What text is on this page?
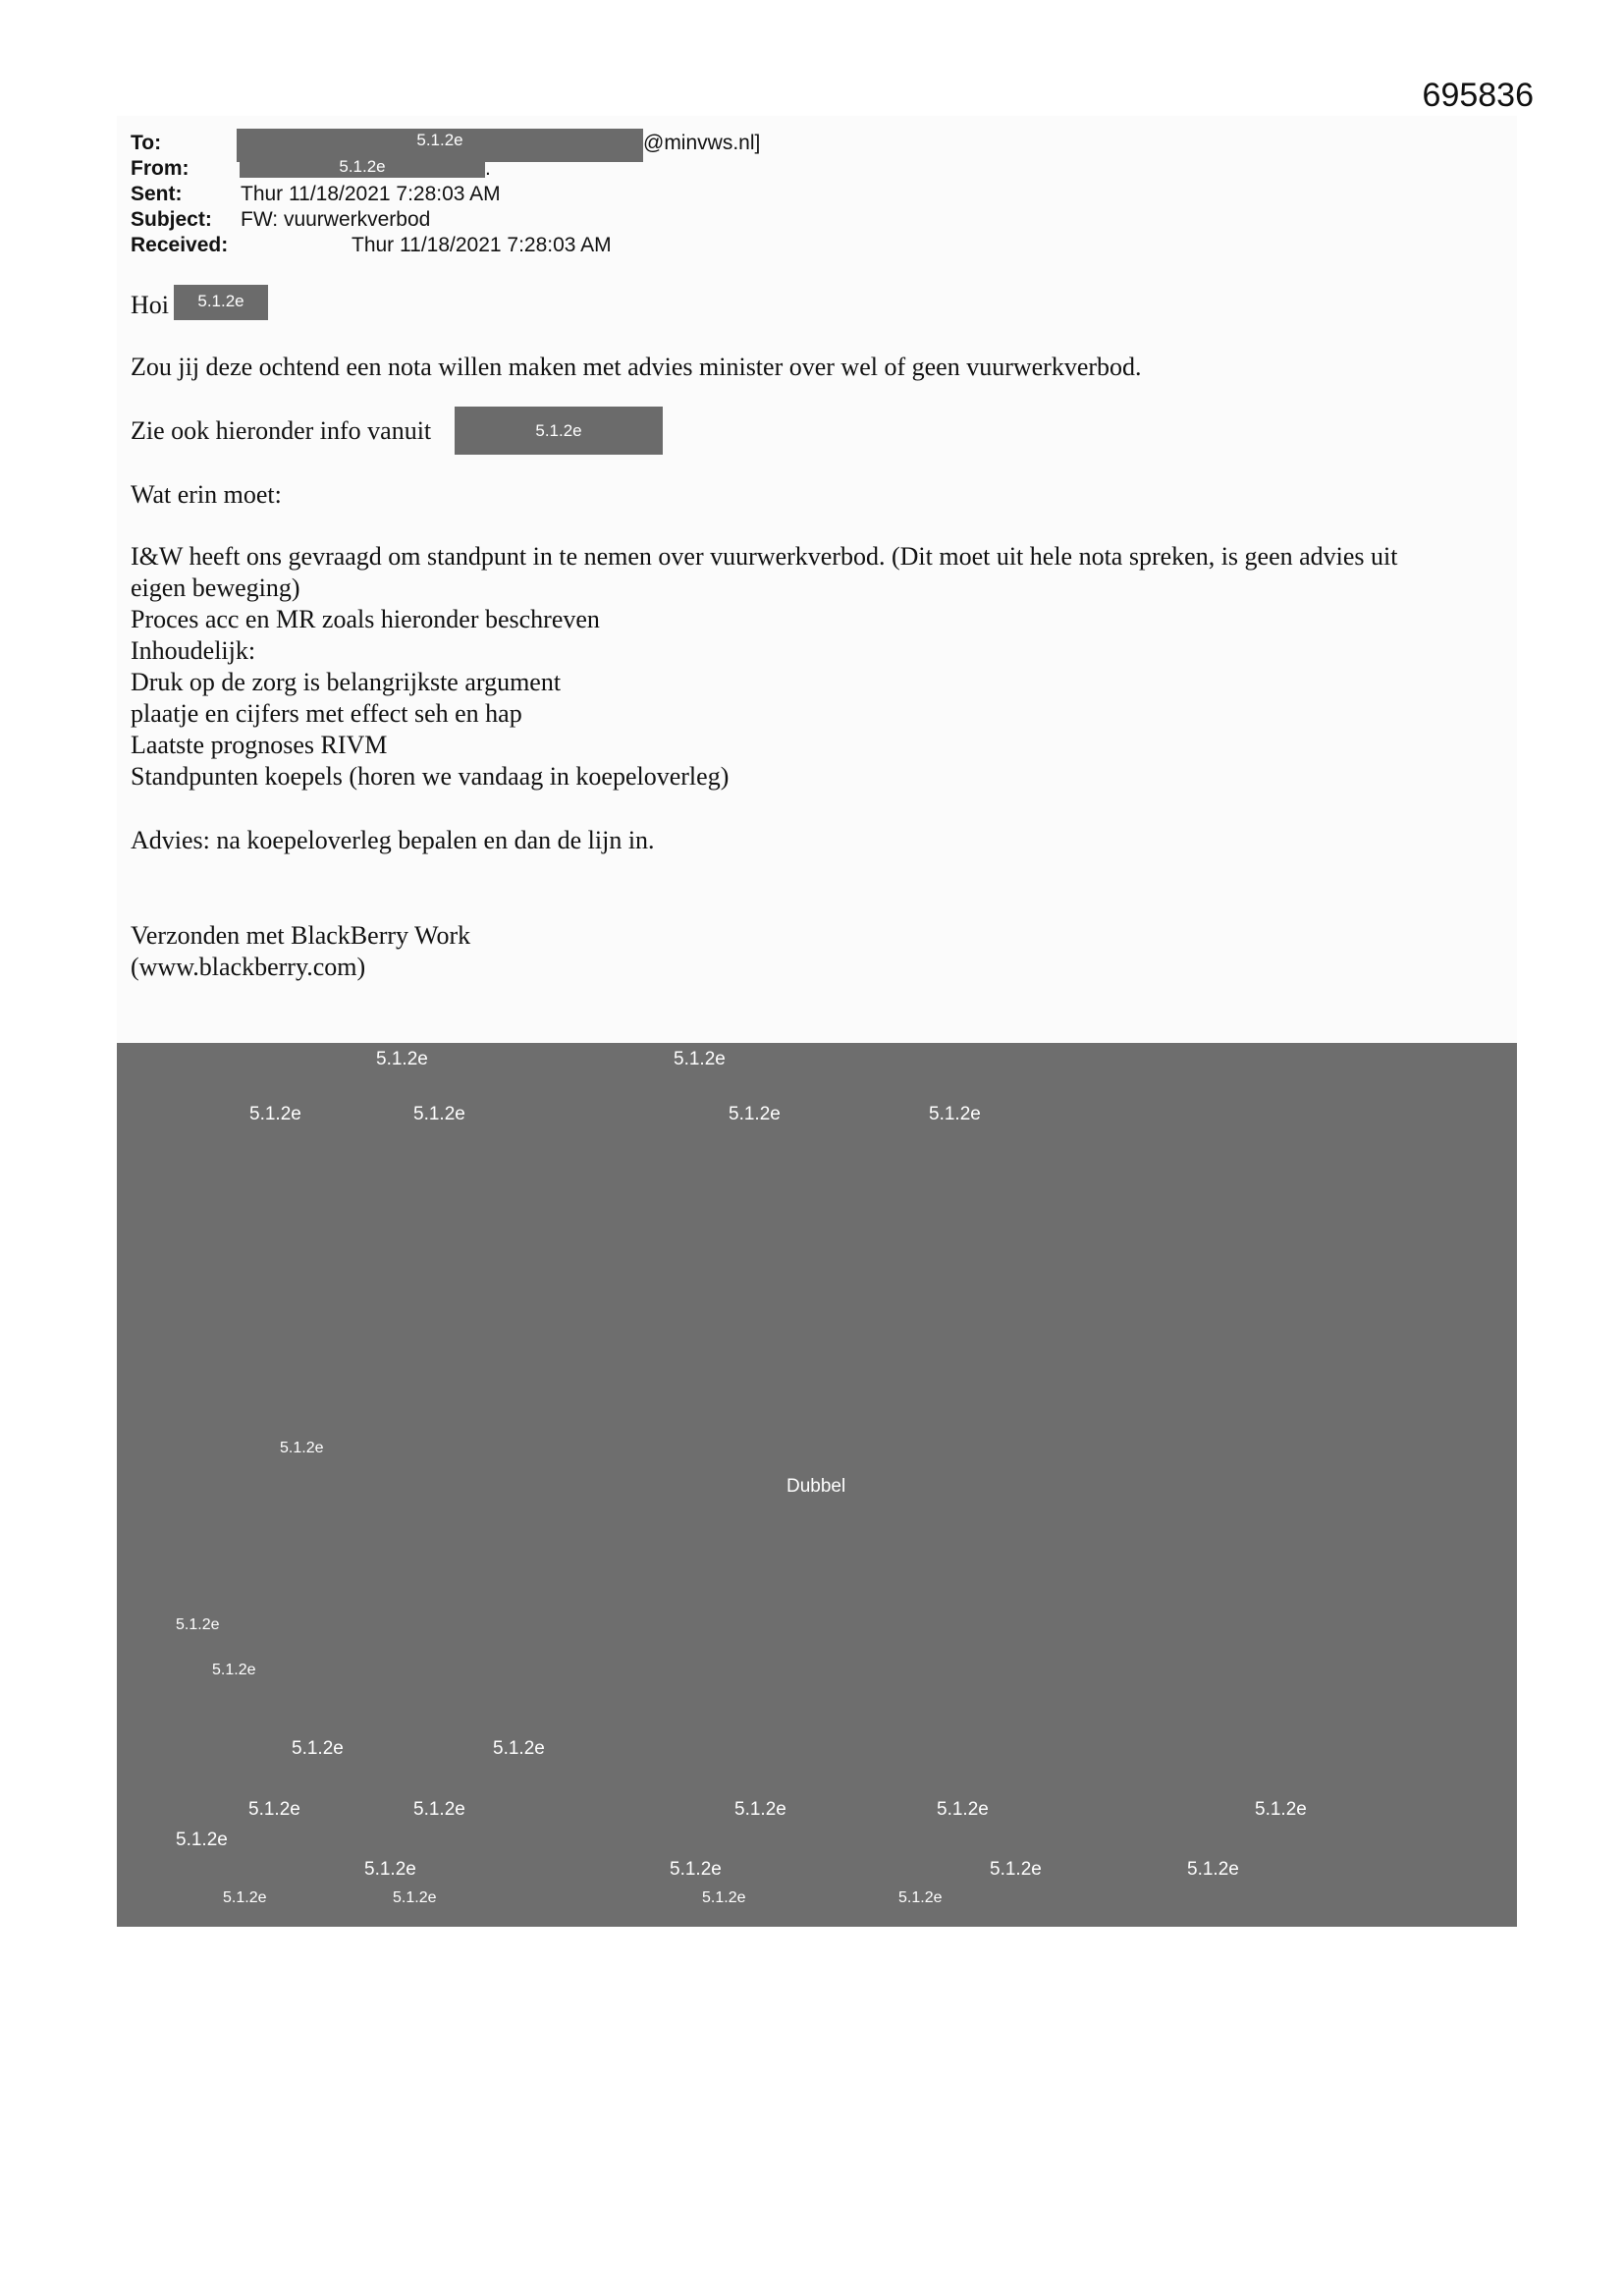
695836
To:	5.1.2e	@minvws.nl]
From:	5.1.2e	.
Sent:	Thur 11/18/2021 7:28:03 AM
Subject: FW: vuurwerkverbod
Received:	Thur 11/18/2021 7:28:03 AM
Hoi	5.1.2e
Zou jij deze ochtend een nota willen maken met advies minister over wel of geen vuurwerkverbod.
Zie ook hieronder info vanuit	5.1.2e
Wat erin moet:
I&W heeft ons gevraagd om standpunt in te nemen over vuurwerkverbod. (Dit moet uit hele nota spreken, is geen advies uit
eigen beweging)
Proces acc en MR zoals hieronder beschreven
Inhoudelijk:
Druk op de zorg is belangrijkste argument
plaatje en cijfers met effect seh en hap
Laatste prognoses RIVM
Standpunten koepels (horen we vandaag in koepeloverleg)
Advies: na koepeloverleg bepalen en dan de lijn in.
Verzonden met BlackBerry Work
(www.blackberry.com)
5.1.2e	5.1.2e
5.1.2e	5.1.2e	5.1.2e	5.1.2e
5.1.2e
Dubbel
5.1.2e
5.1.2e
5.1.2e	5.1.2e
5.1.2e	5.1.2e	5.1.2e	5.1.2e	5.1.2e
5.1.2e
5.1.2e	5.1.2e	5.1.2e	5.1.2e
5.1.2e	5.1.2e	5.1.2e	5.1.2e
